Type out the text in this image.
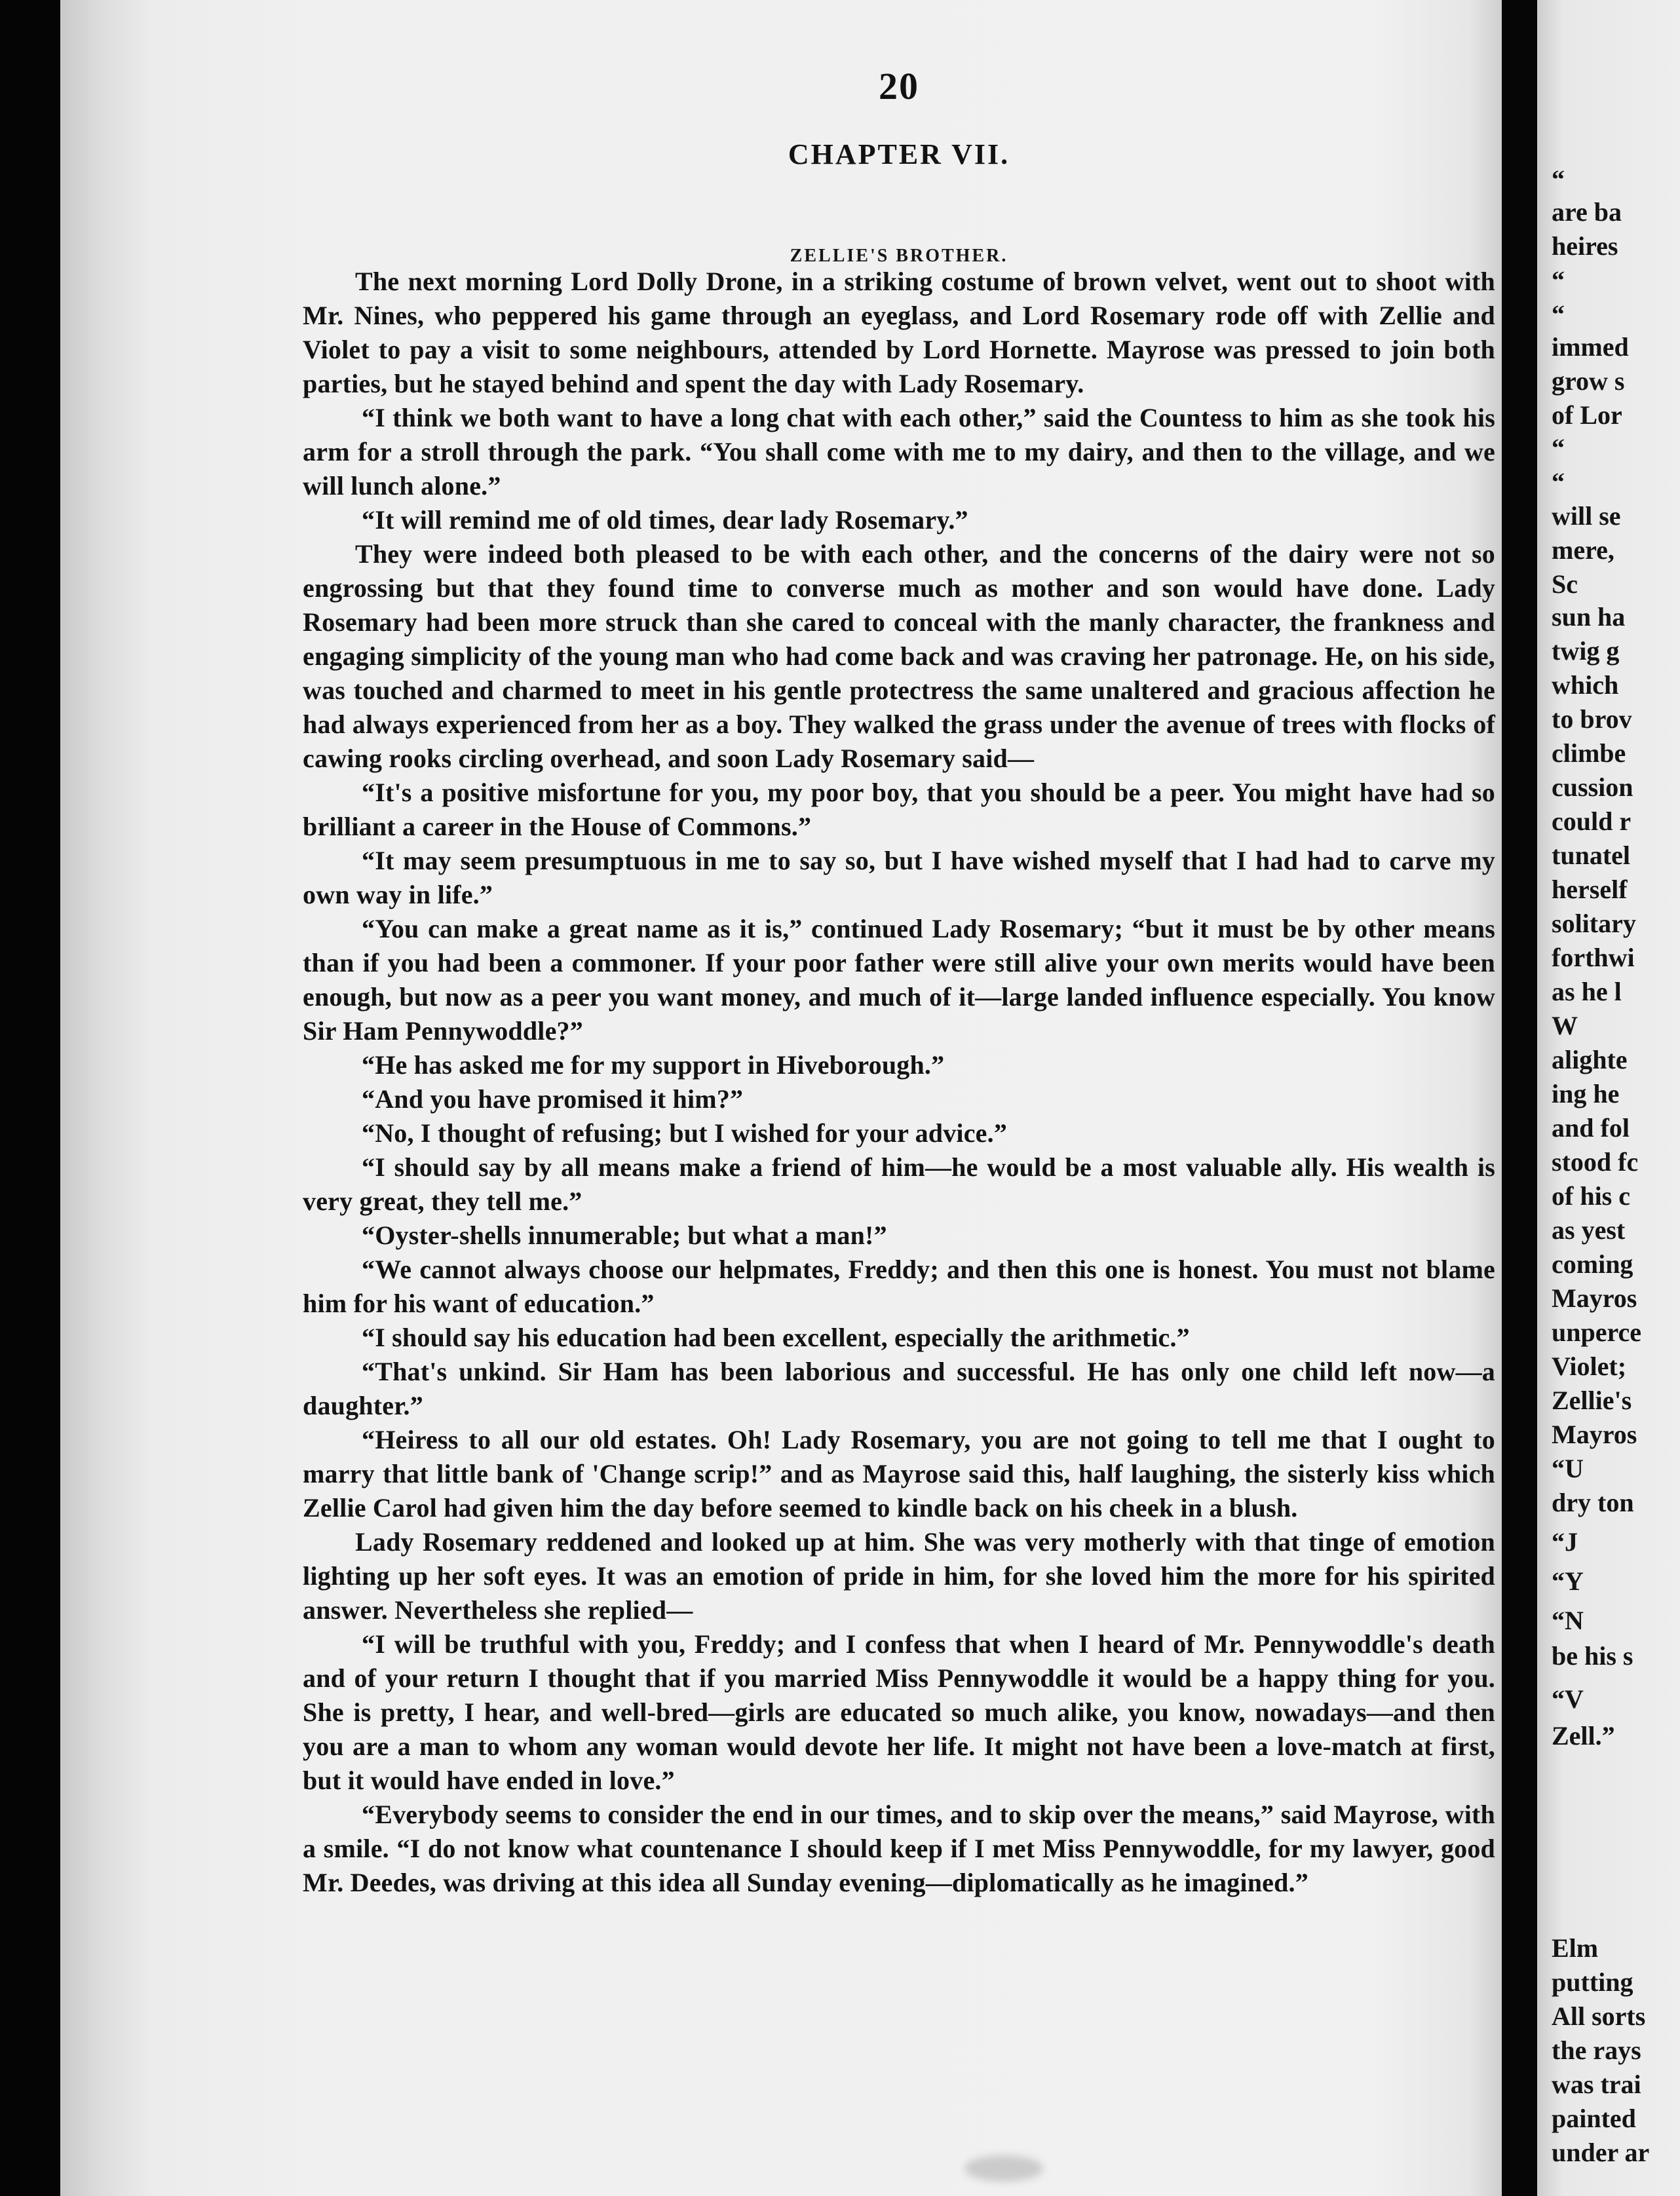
20
CHAPTER VII.
ZELLIE'S BROTHER.

The next morning Lord Dolly Drone, in a striking costume of brown velvet, went out to shoot with Mr. Nines, who peppered his game through an eyeglass, and Lord Rosemary rode off with Zellie and Violet to pay a visit to some neighbours, attended by Lord Hornette. Mayrose was pressed to join both parties, but he stayed behind and spent the day with Lady Rosemary.

“I think we both want to have a long chat with each other,” said the Countess to him as she took his arm for a stroll through the park. “You shall come with me to my dairy, and then to the village, and we will lunch alone.”

“It will remind me of old times, dear lady Rosemary.”

They were indeed both pleased to be with each other, and the concerns of the dairy were not so engrossing but that they found time to converse much as mother and son would have done. Lady Rosemary had been more struck than she cared to conceal with the manly character, the frankness and engaging simplicity of the young man who had come back and was craving her patronage. He, on his side, was touched and charmed to meet in his gentle protectress the same unaltered and gracious affection he had always experienced from her as a boy. They walked the grass under the avenue of trees with flocks of cawing rooks circling overhead, and soon Lady Rosemary said—

“It's a positive misfortune for you, my poor boy, that you should be a peer. You might have had so brilliant a career in the House of Commons.”

“It may seem presumptuous in me to say so, but I have wished myself that I had had to carve my own way in life.”

“You can make a great name as it is,” continued Lady Rosemary; “but it must be by other means than if you had been a commoner. If your poor father were still alive your own merits would have been enough, but now as a peer you want money, and much of it—large landed influence especially. You know Sir Ham Pennywoddle?”

“He has asked me for my support in Hiveborough.”

“And you have promised it him?”

“No, I thought of refusing; but I wished for your advice.”

“I should say by all means make a friend of him—he would be a most valuable ally. His wealth is very great, they tell me.”

“Oyster-shells innumerable; but what a man!”

“We cannot always choose our helpmates, Freddy; and then this one is honest. You must not blame him for his want of education.”

“I should say his education had been excellent, especially the arithmetic.”

“That's unkind. Sir Ham has been laborious and successful. He has only one child left now—a daughter.”

“Heiress to all our old estates. Oh! Lady Rosemary, you are not going to tell me that I ought to marry that little bank of 'Change scrip!” and as Mayrose said this, half laughing, the sisterly kiss which Zellie Carol had given him the day before seemed to kindle back on his cheek in a blush.

Lady Rosemary reddened and looked up at him. She was very motherly with that tinge of emotion lighting up her soft eyes. It was an emotion of pride in him, for she loved him the more for his spirited answer. Nevertheless she replied—

“I will be truthful with you, Freddy; and I confess that when I heard of Mr. Pennywoddle's death and of your return I thought that if you married Miss Pennywoddle it would be a happy thing for you. She is pretty, I hear, and well-bred—girls are educated so much alike, you know, nowadays—and then you are a man to whom any woman would devote her life. It might not have been a love-match at first, but it would have ended in love.”

“Everybody seems to consider the end in our times, and to skip over the means,” said Mayrose, with a smile. “I do not know what countenance I should keep if I met Miss Pennywoddle, for my lawyer, good Mr. Deedes, was driving at this idea all Sunday evening—diplomatically as he imagined.”

“
are ba
heires
“
“
immed
grow s
of Lor
“
“
will se
mere,
Sc
sun ha
twig g
which
to brov
climbe
cussion
could r
tunatel
herself
solitary
forthwi
as he l
W
alighte
ing he
and fol
stood fc
of his c
as yest
coming
Mayros
unperce
Violet;
Zellie's
Mayros
“U
dry ton
“J
“Y
“N
be his s
“V
Zell.”
Elm
putting
All sorts
the rays
was trai
painted
under ar
